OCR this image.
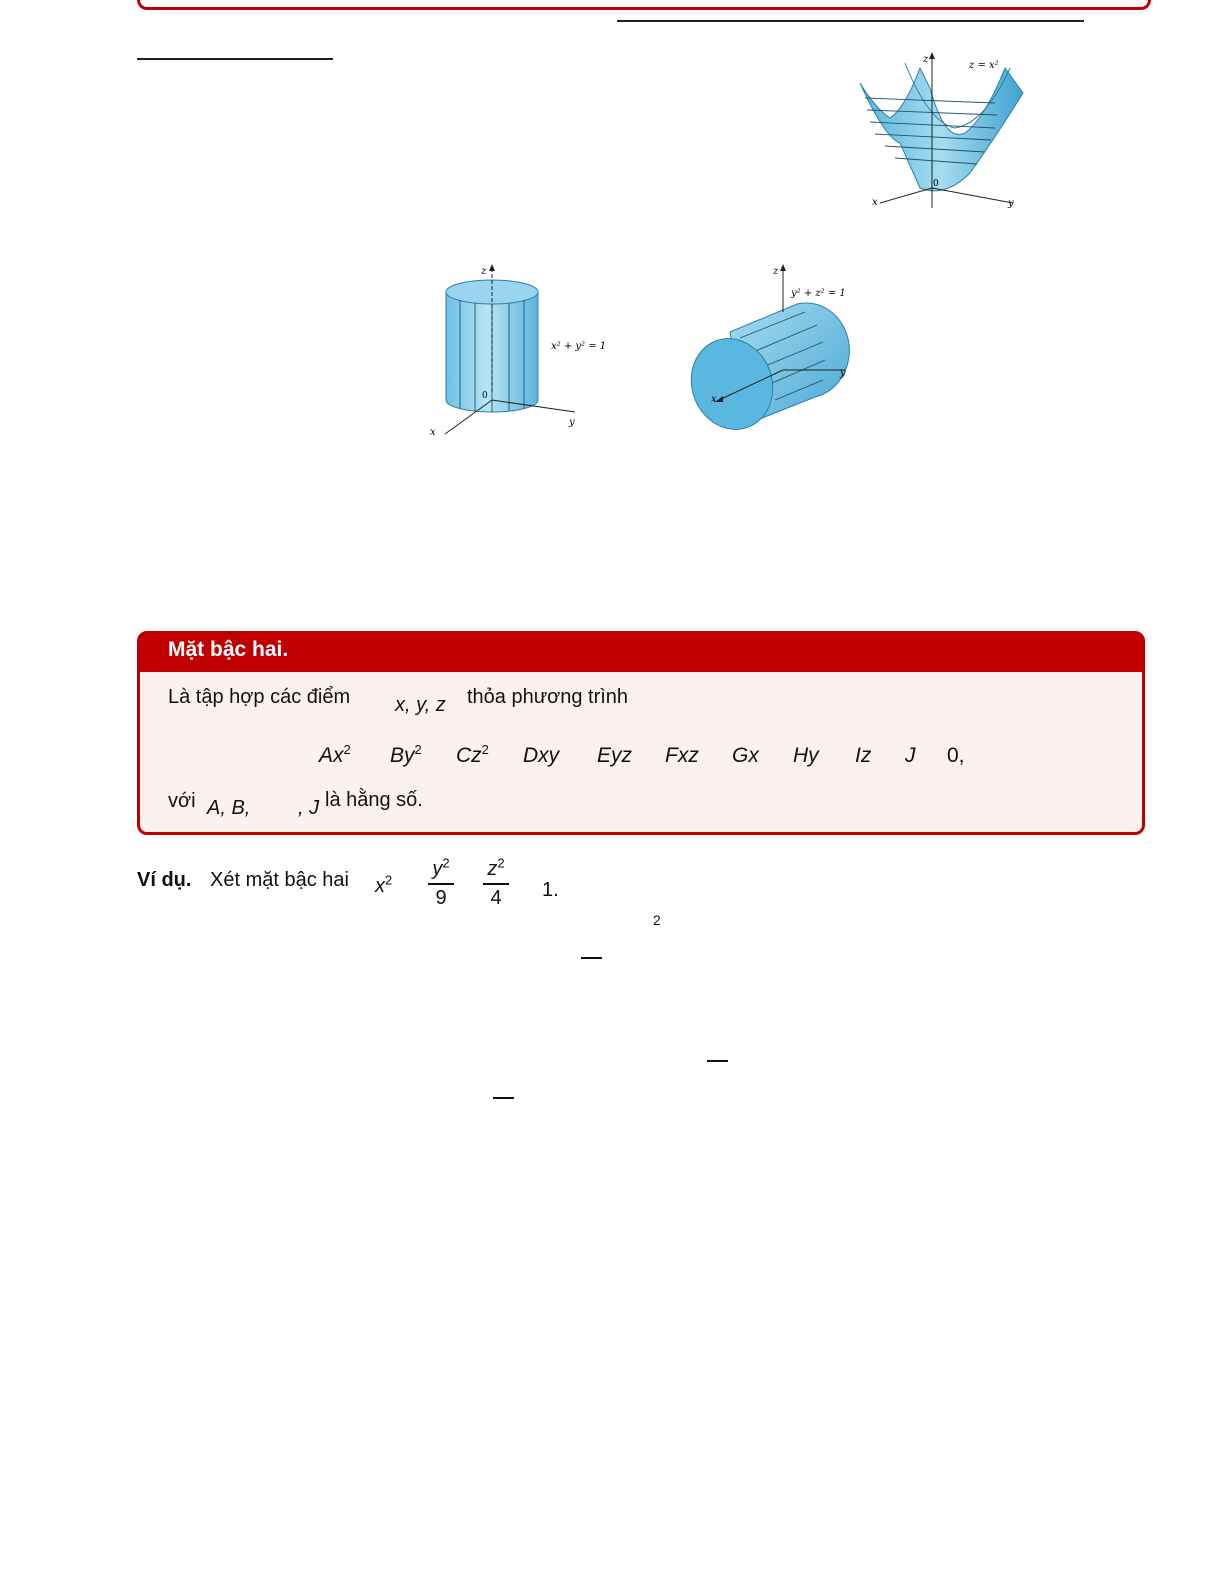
z
x	y
0
z = x²
z
x
y
0
x² + y² = 1
z
x
y
y² + z² = 1
Mặt bậc hai.
Là tập hợp các điểm x, y, z thỏa phương trình
Ax$^2$ By$^2$ Cz$^2$ Dxy Eyz Fxz Gx Hy Iz J 0,
với A, B, , J là hằng số.
Ví dụ. Xét mặt bậc hai $x^2$ $y^2$
9
$z^2$
4	1.
2
